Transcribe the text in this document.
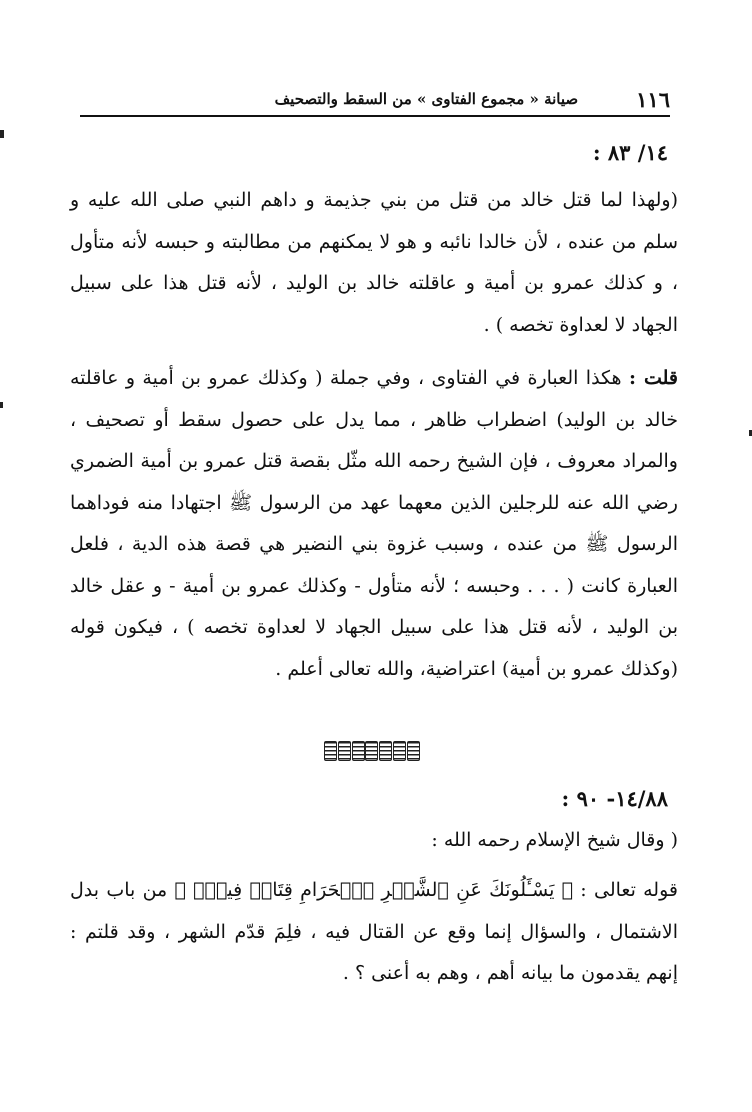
١١٦
صيانة « مجموع الفتاوى » من السقط والتصحيف
١٤/ ٨٣ :

(ولهذا لما قتل خالد من قتل من بني جذيمة و داهم النبي صلى الله عليه و سلم من عنده ، لأن خالدا نائبه و هو لا يمكنهم من مطالبته و حبسه لأنه متأول ، و كذلك عمرو بن أمية و عاقلته خالد بن الوليد ، لأنه قتل هذا على سبيل الجهاد لا لعداوة تخصه ) .

قلت : هكذا العبارة في الفتاوى ، وفي جملة ( وكذلك عمرو بن أمية و عاقلته خالد بن الوليد) اضطراب ظاهر ، مما يدل على حصول سقط أو تصحيف ، والمراد معروف ، فإن الشيخ رحمه الله مثّل بقصة قتل عمرو بن أمية الضمري رضي الله عنه للرجلين الذين معهما عهد من الرسول ﷺ اجتهادا منه فوداهما الرسول ﷺ من عنده ، وسبب غزوة بني النضير هي قصة هذه الدية ، فلعل العبارة كانت ( . . . وحبسه ؛ لأنه متأول - وكذلك عمرو بن أمية - و عقل خالد بن الوليد ، لأنه قتل هذا على سبيل الجهاد لا لعداوة تخصه ) ، فيكون قوله (وكذلك عمرو بن أمية) اعتراضية، والله تعالى أعلم .

١٤/٨٨- ٩٠ :

( وقال شيخ الإسلام رحمه الله :

قوله تعالى : ﴿ يَسْـَٔلُونَكَ عَنِ ٱلشَّهۡرِ ٱلۡحَرَامِ قِتَالٖ فِيهِۖ ﴾ من باب بدل الاشتمال ، والسؤال إنما وقع عن القتال فيه ، فلِمَ قدّم الشهر ، وقد قلتم : إنهم يقدمون ما بيانه أهم ، وهم به أعنى ؟ .
